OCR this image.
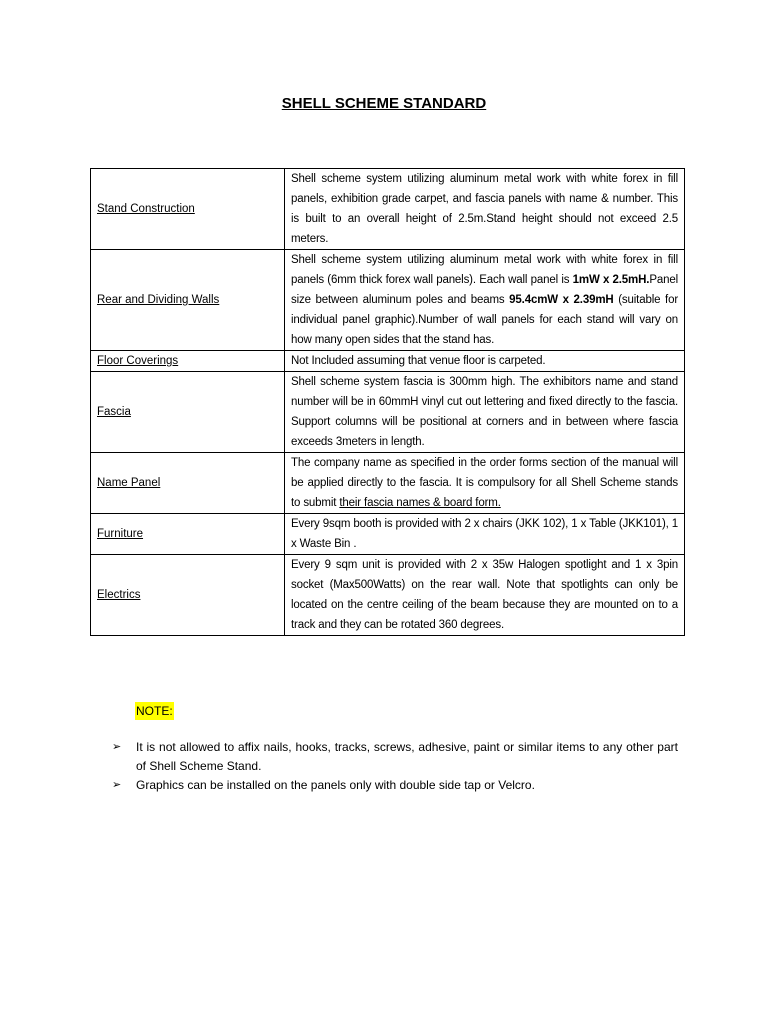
SHELL SCHEME STANDARD
Stand Construction	Shell scheme system utilizing aluminum metal work with white forex in fill panels, exhibition grade carpet, and fascia panels with name & number. This is built to an overall height of 2.5m.Stand height should not exceed 2.5 meters.
Rear and Dividing Walls	Shell scheme system utilizing aluminum metal work with white forex in fill panels (6mm thick forex wall panels). Each wall panel is 1mW x 2.5mH.Panel size between aluminum poles and beams 95.4cmW x 2.39mH (suitable for individual panel graphic).Number of wall panels for each stand will vary on how many open sides that the stand has.
Floor Coverings	Not Included assuming that venue floor is carpeted.
Fascia	Shell scheme system fascia is 300mm high. The exhibitors name and stand number will be in 60mmH vinyl cut out lettering and fixed directly to the fascia. Support columns will be positional at corners and in between where fascia exceeds 3meters in length.
Name Panel	The company name as specified in the order forms section of the manual will be applied directly to the fascia. It is compulsory for all Shell Scheme stands to submit their fascia names & board form.
Furniture	Every 9sqm booth is provided with 2 x chairs (JKK 102), 1 x Table (JKK101), 1 x Waste Bin .
Electrics	Every 9 sqm unit is provided with 2 x 35w Halogen spotlight and 1 x 3pin socket (Max500Watts) on the rear wall. Note that spotlights can only be located on the centre ceiling of the beam because they are mounted on to a track and they can be rotated 360 degrees.
NOTE:
➢ It is not allowed to affix nails, hooks, tracks, screws, adhesive, paint or similar items to any other part of Shell Scheme Stand.
➢ Graphics can be installed on the panels only with double side tap or Velcro.
